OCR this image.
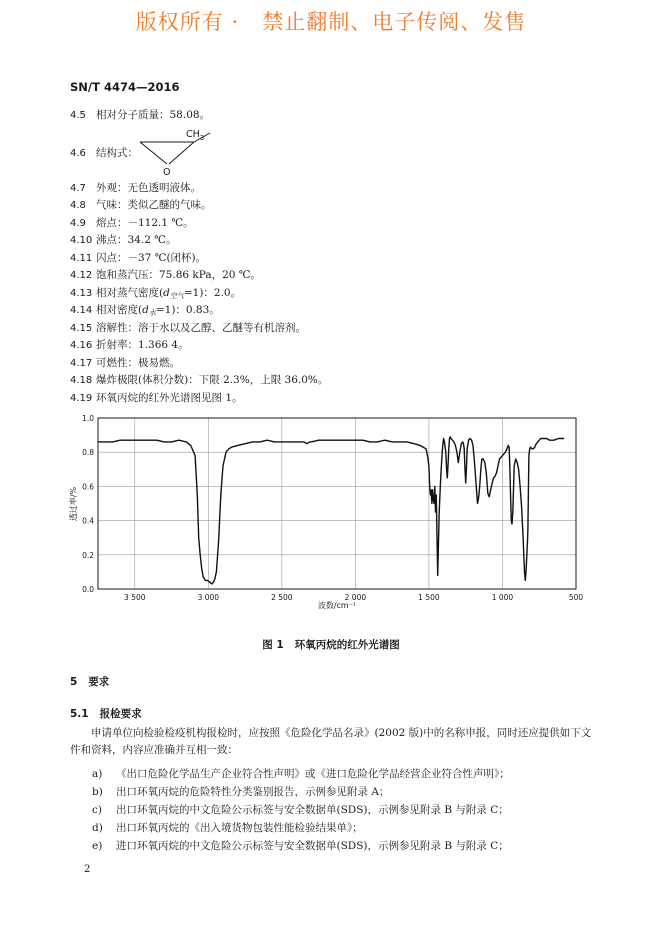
版权所有 ·   禁止翻制、电子传阅、发售
SN/T 4474—2016
4.5 相对分子质量：58.08。
4.6 结构式：
$CH_3$
O
4.7 外观：无色透明液体。
4.8 气味：类似乙醚的气味。
4.9 熔点：－112.1 ℃。
4.10 沸点：34.2 ℃。
4.11 闪点：－37 ℃(闭杯)。
4.12 饱和蒸汽压：75.86 kPa，20 ℃。
4.13 相对蒸气密度$(d_{空气}=1)$：2.0。
4.14 相对密度$(d_水=1)$：0.83。
4.15 溶解性：溶于水以及乙醇、乙醚等有机溶剂。
4.16 折射率：1.366 4。
4.17 可燃性：极易燃。
4.18 爆炸极限(体积分数)：下限 2.3%，上限 36.0%。
4.19 环氧丙烷的红外光谱图见图 1。
0.0
0.2
0.4
0.6
0.8
1.0
3 500	3 000	2 500	2 000	1 500	1 000	500
波数/cm⁻¹
透过率/%
图 1   环氧丙烷的红外光谱图
5 要求
5.1 报检要求
申请单位向检验检疫机构报检时，应按照《危险化学品名录》(2002 版)中的名称申报，同时还应提供如下文件和资料，内容应准确并互相一致：
a) 《出口危险化学品生产企业符合性声明》或《进口危险化学品经营企业符合性声明》；
b) 出口环氧丙烷的危险特性分类鉴别报告，示例参见附录 A；
c) 出口环氧丙烷的中文危险公示标签与安全数据单(SDS)，示例参见附录 B 与附录 C；
d) 出口环氧丙烷的《出入境货物包装性能检验结果单》；
e) 进口环氧丙烷的中文危险公示标签与安全数据单(SDS)，示例参见附录 B 与附录 C；
2
